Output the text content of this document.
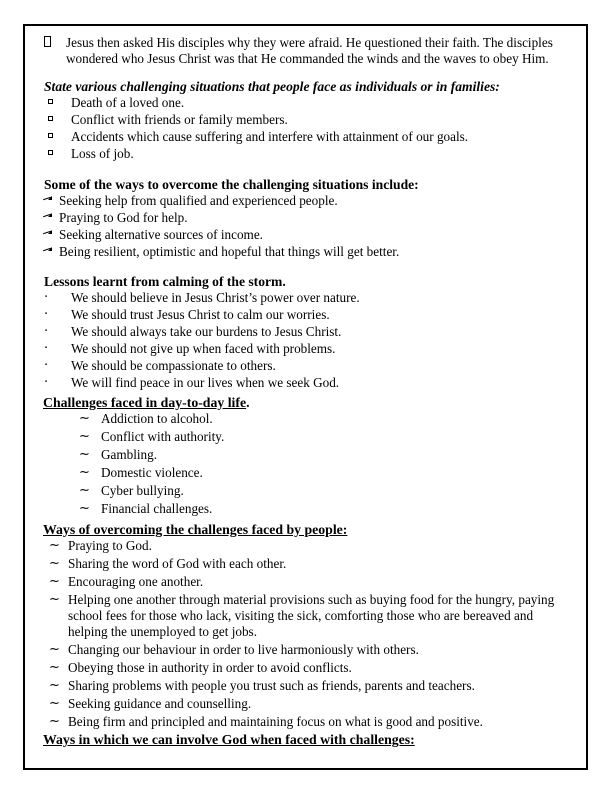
Jesus then asked His disciples why they were afraid. He questioned their faith. The disciples wondered who Jesus Christ was that He commanded the winds and the waves to obey Him.
State various challenging situations that people face as individuals or in families:
Death of a loved one.
Conflict with friends or family members.
Accidents which cause suffering and interfere with attainment of our goals.
Loss of job.
Some of the ways to overcome the challenging situations include:
Seeking help from qualified and experienced people.
Praying to God for help.
Seeking alternative sources of income.
Being resilient, optimistic and hopeful that things will get better.
Lessons learnt from calming of the storm.
·	We should believe in Jesus Christ’s power over nature.
·	We should trust Jesus Christ to calm our worries.
·	We should always take our burdens to Jesus Christ.
·	We should not give up when faced with problems.
·	We should be compassionate to others.
·	We will find peace in our lives when we seek God.
Challenges faced in day-to-day life.
~ Addiction to alcohol.
~ Conflict with authority.
~ Gambling.
~ Domestic violence.
~ Cyber bullying.
~ Financial challenges.
Ways of overcoming the challenges faced by people:
~ Praying to God.
~ Sharing the word of God with each other.
~ Encouraging one another.
~ Helping one another through material provisions such as buying food for the hungry, paying school fees for those who lack, visiting the sick, comforting those who are bereaved and helping the unemployed to get jobs.
~ Changing our behaviour in order to live harmoniously with others.
~ Obeying those in authority in order to avoid conflicts.
~ Sharing problems with people you trust such as friends, parents and teachers.
~ Seeking guidance and counselling.
~ Being firm and principled and maintaining focus on what is good and positive.
Ways in which we can involve God when faced with challenges:
